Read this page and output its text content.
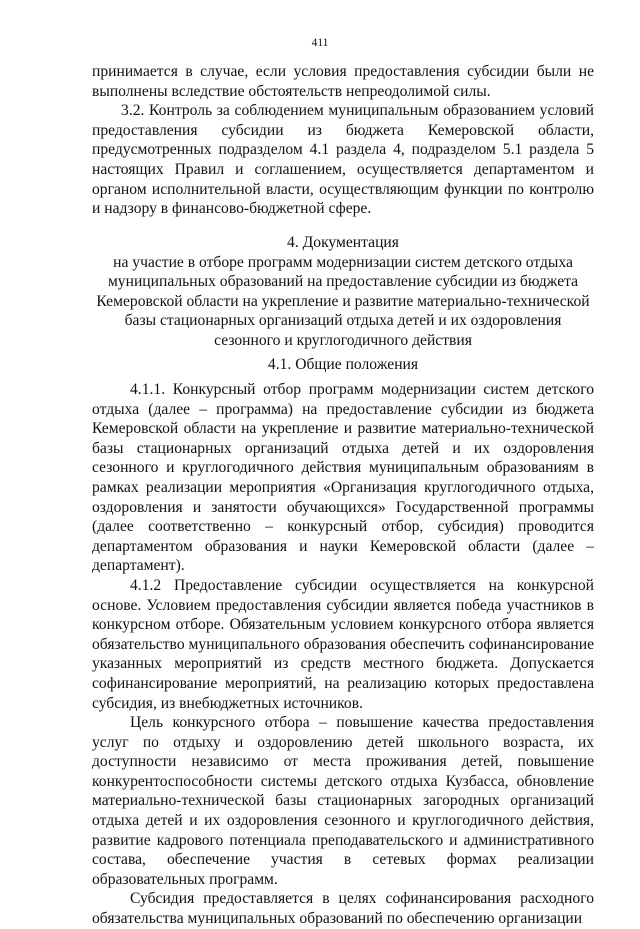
411

принимается в случае, если условия предоставления субсидии были не выполнены вследствие обстоятельств непреодолимой силы.

3.2. Контроль за соблюдением муниципальным образованием условий предоставления субсидии из бюджета Кемеровской области, предусмотренных подразделом 4.1 раздела 4, подразделом 5.1 раздела 5 настоящих Правил и соглашением, осуществляется департаментом и органом исполнительной власти, осуществляющим функции по контролю и надзору в финансово-бюджетной сфере.

4. Документация

на участие в отборе программ модернизации систем детского отдыха муниципальных образований на предоставление субсидии из бюджета Кемеровской области на укрепление и развитие материально-технической базы стационарных организаций отдыха детей и их оздоровления сезонного и круглогодичного действия

4.1. Общие положения

4.1.1. Конкурсный отбор программ модернизации систем детского отдыха (далее – программа) на предоставление субсидии из бюджета Кемеровской области на укрепление и развитие материально-технической базы стационарных организаций отдыха детей и их оздоровления сезонного и круглогодичного действия муниципальным образованиям в рамках реализации мероприятия «Организация круглогодичного отдыха, оздоровления и занятости обучающихся» Государственной программы (далее соответственно – конкурсный отбор, субсидия) проводится департаментом образования и науки Кемеровской области (далее – департамент).

4.1.2 Предоставление субсидии осуществляется на конкурсной основе. Условием предоставления субсидии является победа участников в конкурсном отборе. Обязательным условием конкурсного отбора является обязательство муниципального образования обеспечить софинансирование указанных мероприятий из средств местного бюджета. Допускается софинансирование мероприятий, на реализацию которых предоставлена субсидия, из внебюджетных источников.

Цель конкурсного отбора – повышение качества предоставления услуг по отдыху и оздоровлению детей школьного возраста, их доступности независимо от места проживания детей, повышение конкурентоспособности системы детского отдыха Кузбасса, обновление материально-технической базы стационарных загородных организаций отдыха детей и их оздоровления сезонного и круглогодичного действия, развитие кадрового потенциала преподавательского и административного состава, обеспечение участия в сетевых формах реализации образовательных программ.

Субсидия предоставляется в целях софинансирования расходного обязательства муниципальных образований по обеспечению организации
